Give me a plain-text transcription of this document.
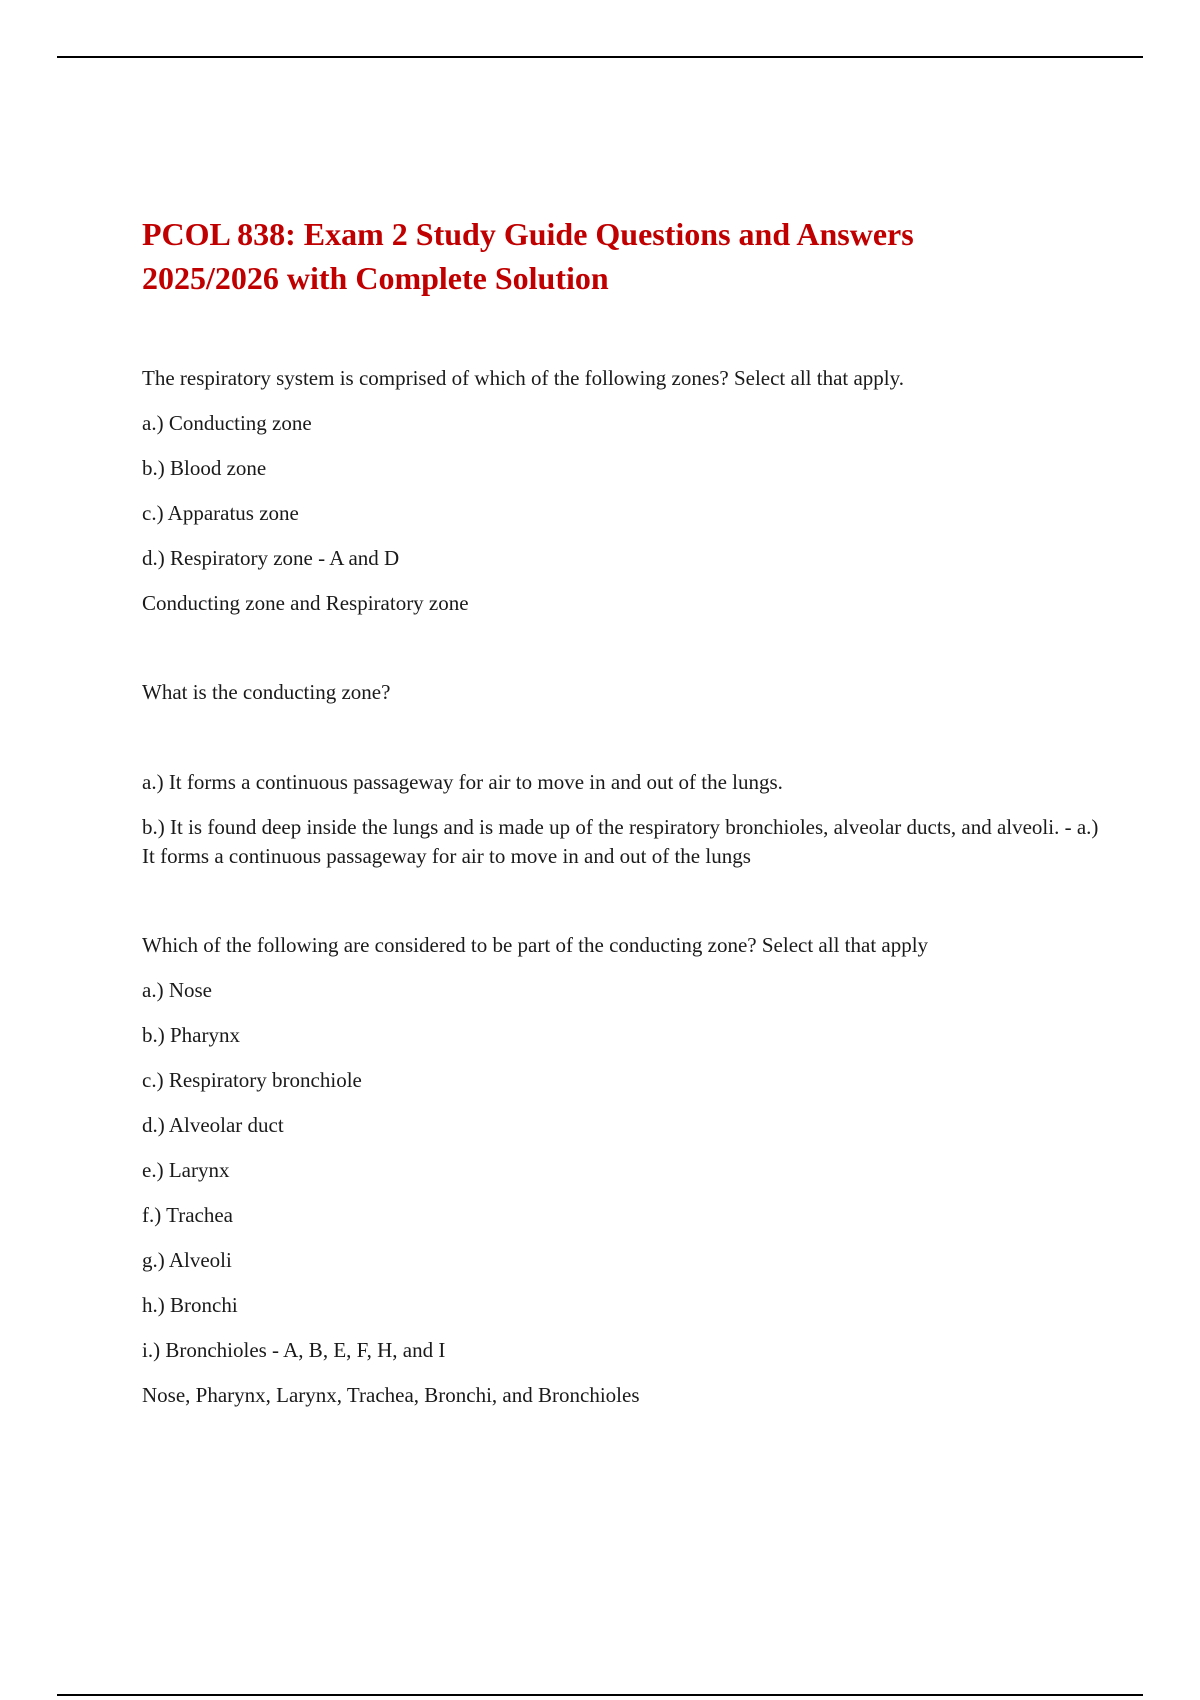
PCOL 838: Exam 2 Study Guide Questions and Answers
2025/2026 with Complete Solution

The respiratory system is comprised of which of the following zones? Select all that apply.

a.) Conducting zone

b.) Blood zone

c.) Apparatus zone

d.) Respiratory zone - A and D

Conducting zone and Respiratory zone

What is the conducting zone?

a.) It forms a continuous passageway for air to move in and out of the lungs.

b.) It is found deep inside the lungs and is made up of the respiratory bronchioles, alveolar ducts, and alveoli. - a.) It forms a continuous passageway for air to move in and out of the lungs

Which of the following are considered to be part of the conducting zone? Select all that apply

a.) Nose

b.) Pharynx

c.) Respiratory bronchiole

d.) Alveolar duct

e.) Larynx

f.) Trachea

g.) Alveoli

h.) Bronchi

i.) Bronchioles - A, B, E, F, H, and I

Nose, Pharynx, Larynx, Trachea, Bronchi, and Bronchioles
